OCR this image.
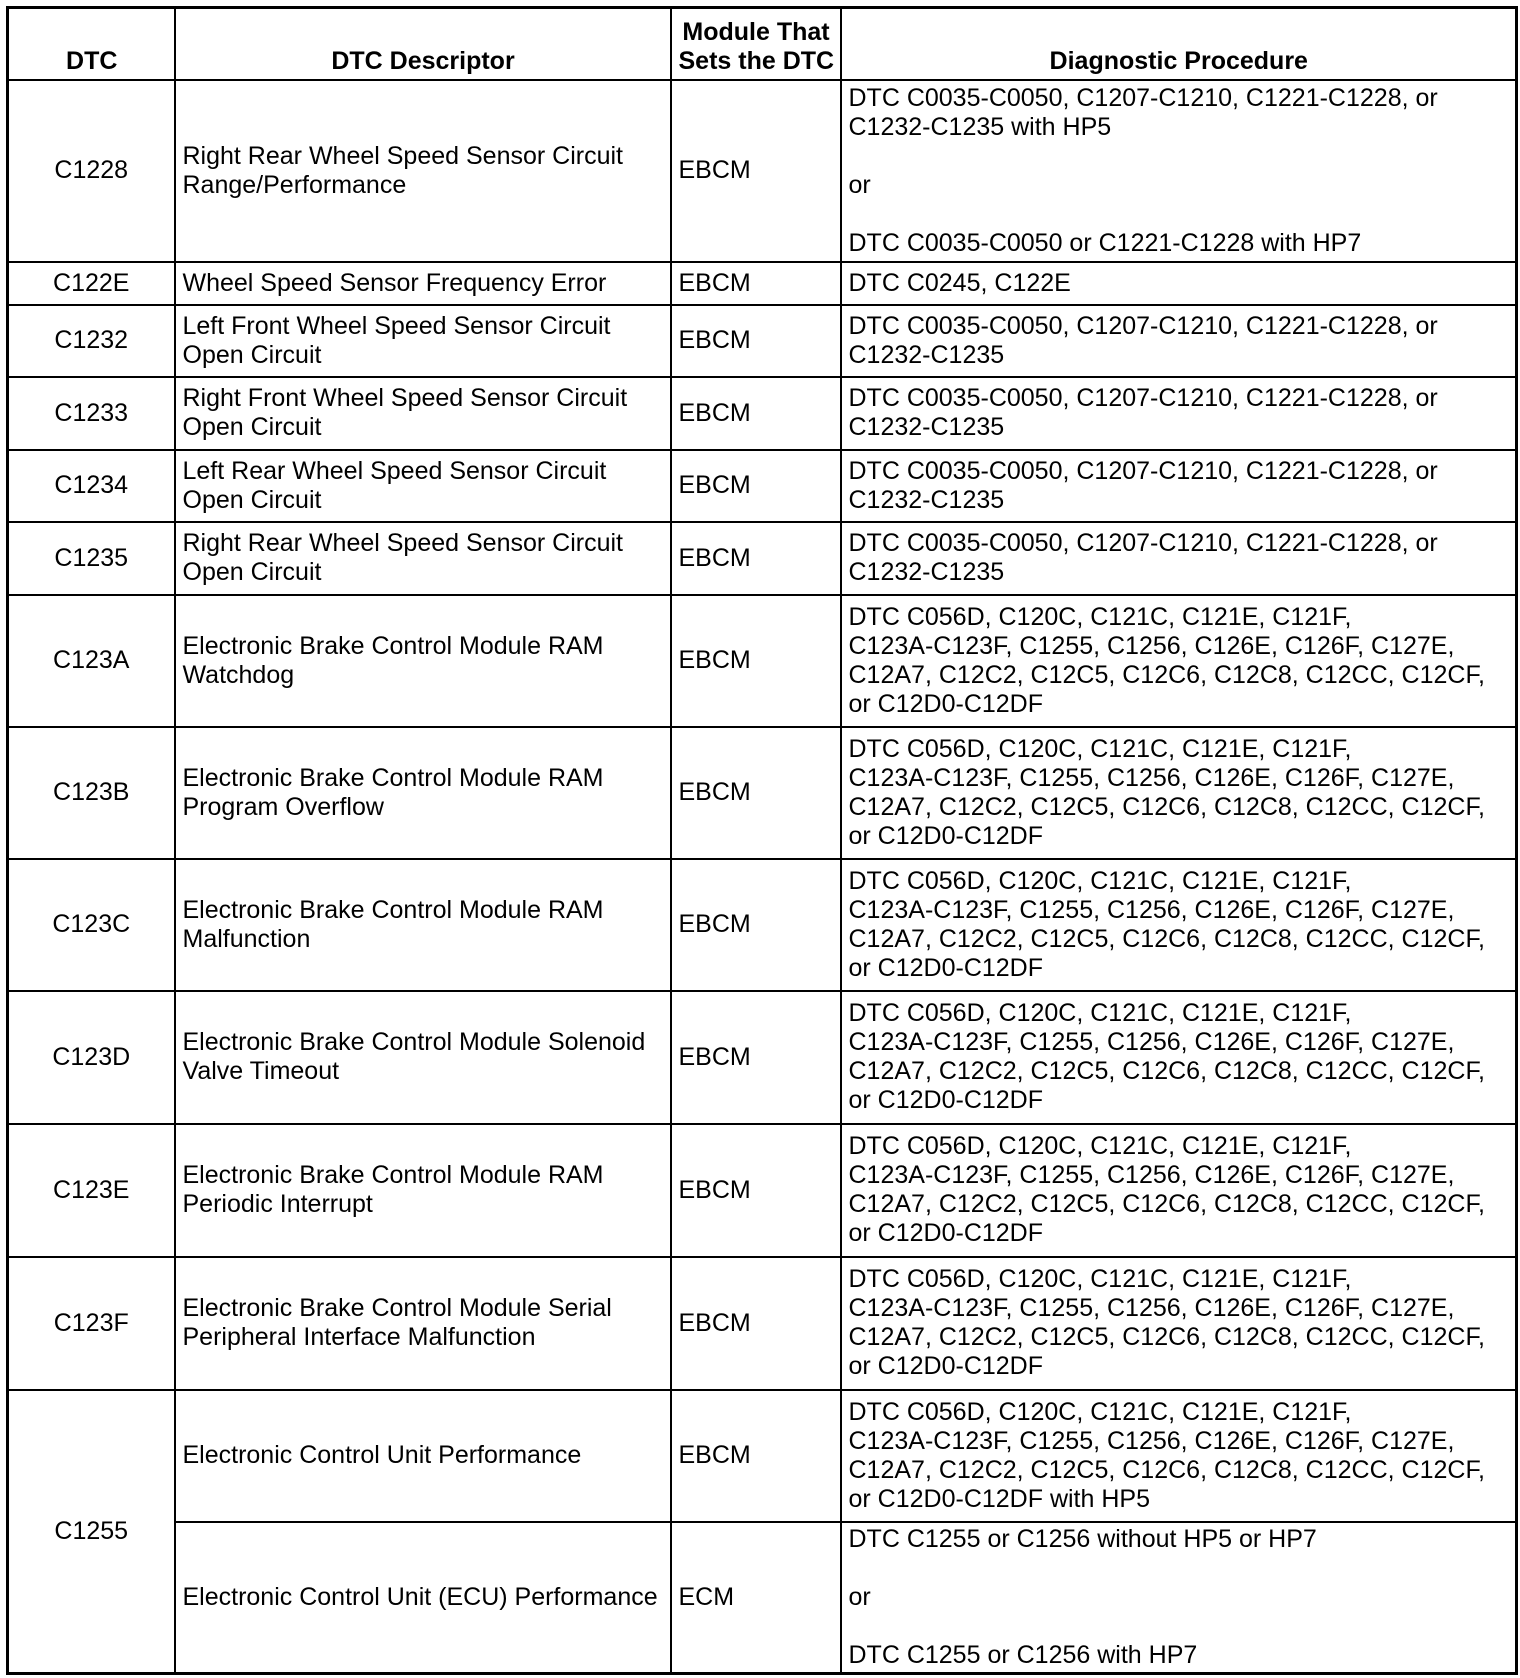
DTC	DTC Descriptor	Module That
Sets the DTC	Diagnostic Procedure
C1228	Right Rear Wheel Speed Sensor Circuit
Range/Performance	EBCM	DTC C0035-C0050, C1207-C1210, C1221-C1228, or
C1232-C1235 with HP5

or

DTC C0035-C0050 or C1221-C1228 with HP7
C122E	Wheel Speed Sensor Frequency Error	EBCM	DTC C0245, C122E
C1232	Left Front Wheel Speed Sensor Circuit
Open Circuit	EBCM	DTC C0035-C0050, C1207-C1210, C1221-C1228, or
C1232-C1235
C1233	Right Front Wheel Speed Sensor Circuit
Open Circuit	EBCM	DTC C0035-C0050, C1207-C1210, C1221-C1228, or
C1232-C1235
C1234	Left Rear Wheel Speed Sensor Circuit
Open Circuit	EBCM	DTC C0035-C0050, C1207-C1210, C1221-C1228, or
C1232-C1235
C1235	Right Rear Wheel Speed Sensor Circuit
Open Circuit	EBCM	DTC C0035-C0050, C1207-C1210, C1221-C1228, or
C1232-C1235
C123A	Electronic Brake Control Module RAM
Watchdog	EBCM	DTC C056D, C120C, C121C, C121E, C121F,
C123A-C123F, C1255, C1256, C126E, C126F, C127E,
C12A7, C12C2, C12C5, C12C6, C12C8, C12CC, C12CF,
or C12D0-C12DF
C123B	Electronic Brake Control Module RAM
Program Overflow	EBCM	DTC C056D, C120C, C121C, C121E, C121F,
C123A-C123F, C1255, C1256, C126E, C126F, C127E,
C12A7, C12C2, C12C5, C12C6, C12C8, C12CC, C12CF,
or C12D0-C12DF
C123C	Electronic Brake Control Module RAM
Malfunction	EBCM	DTC C056D, C120C, C121C, C121E, C121F,
C123A-C123F, C1255, C1256, C126E, C126F, C127E,
C12A7, C12C2, C12C5, C12C6, C12C8, C12CC, C12CF,
or C12D0-C12DF
C123D	Electronic Brake Control Module Solenoid
Valve Timeout	EBCM	DTC C056D, C120C, C121C, C121E, C121F,
C123A-C123F, C1255, C1256, C126E, C126F, C127E,
C12A7, C12C2, C12C5, C12C6, C12C8, C12CC, C12CF,
or C12D0-C12DF
C123E	Electronic Brake Control Module RAM
Periodic Interrupt	EBCM	DTC C056D, C120C, C121C, C121E, C121F,
C123A-C123F, C1255, C1256, C126E, C126F, C127E,
C12A7, C12C2, C12C5, C12C6, C12C8, C12CC, C12CF,
or C12D0-C12DF
C123F	Electronic Brake Control Module Serial
Peripheral Interface Malfunction	EBCM	DTC C056D, C120C, C121C, C121E, C121F,
C123A-C123F, C1255, C1256, C126E, C126F, C127E,
C12A7, C12C2, C12C5, C12C6, C12C8, C12CC, C12CF,
or C12D0-C12DF
C1255	Electronic Control Unit Performance	EBCM	DTC C056D, C120C, C121C, C121E, C121F,
C123A-C123F, C1255, C1256, C126E, C126F, C127E,
C12A7, C12C2, C12C5, C12C6, C12C8, C12CC, C12CF,
or C12D0-C12DF with HP5
	Electronic Control Unit (ECU) Performance	ECM	DTC C1255 or C1256 without HP5 or HP7

or

DTC C1255 or C1256 with HP7
